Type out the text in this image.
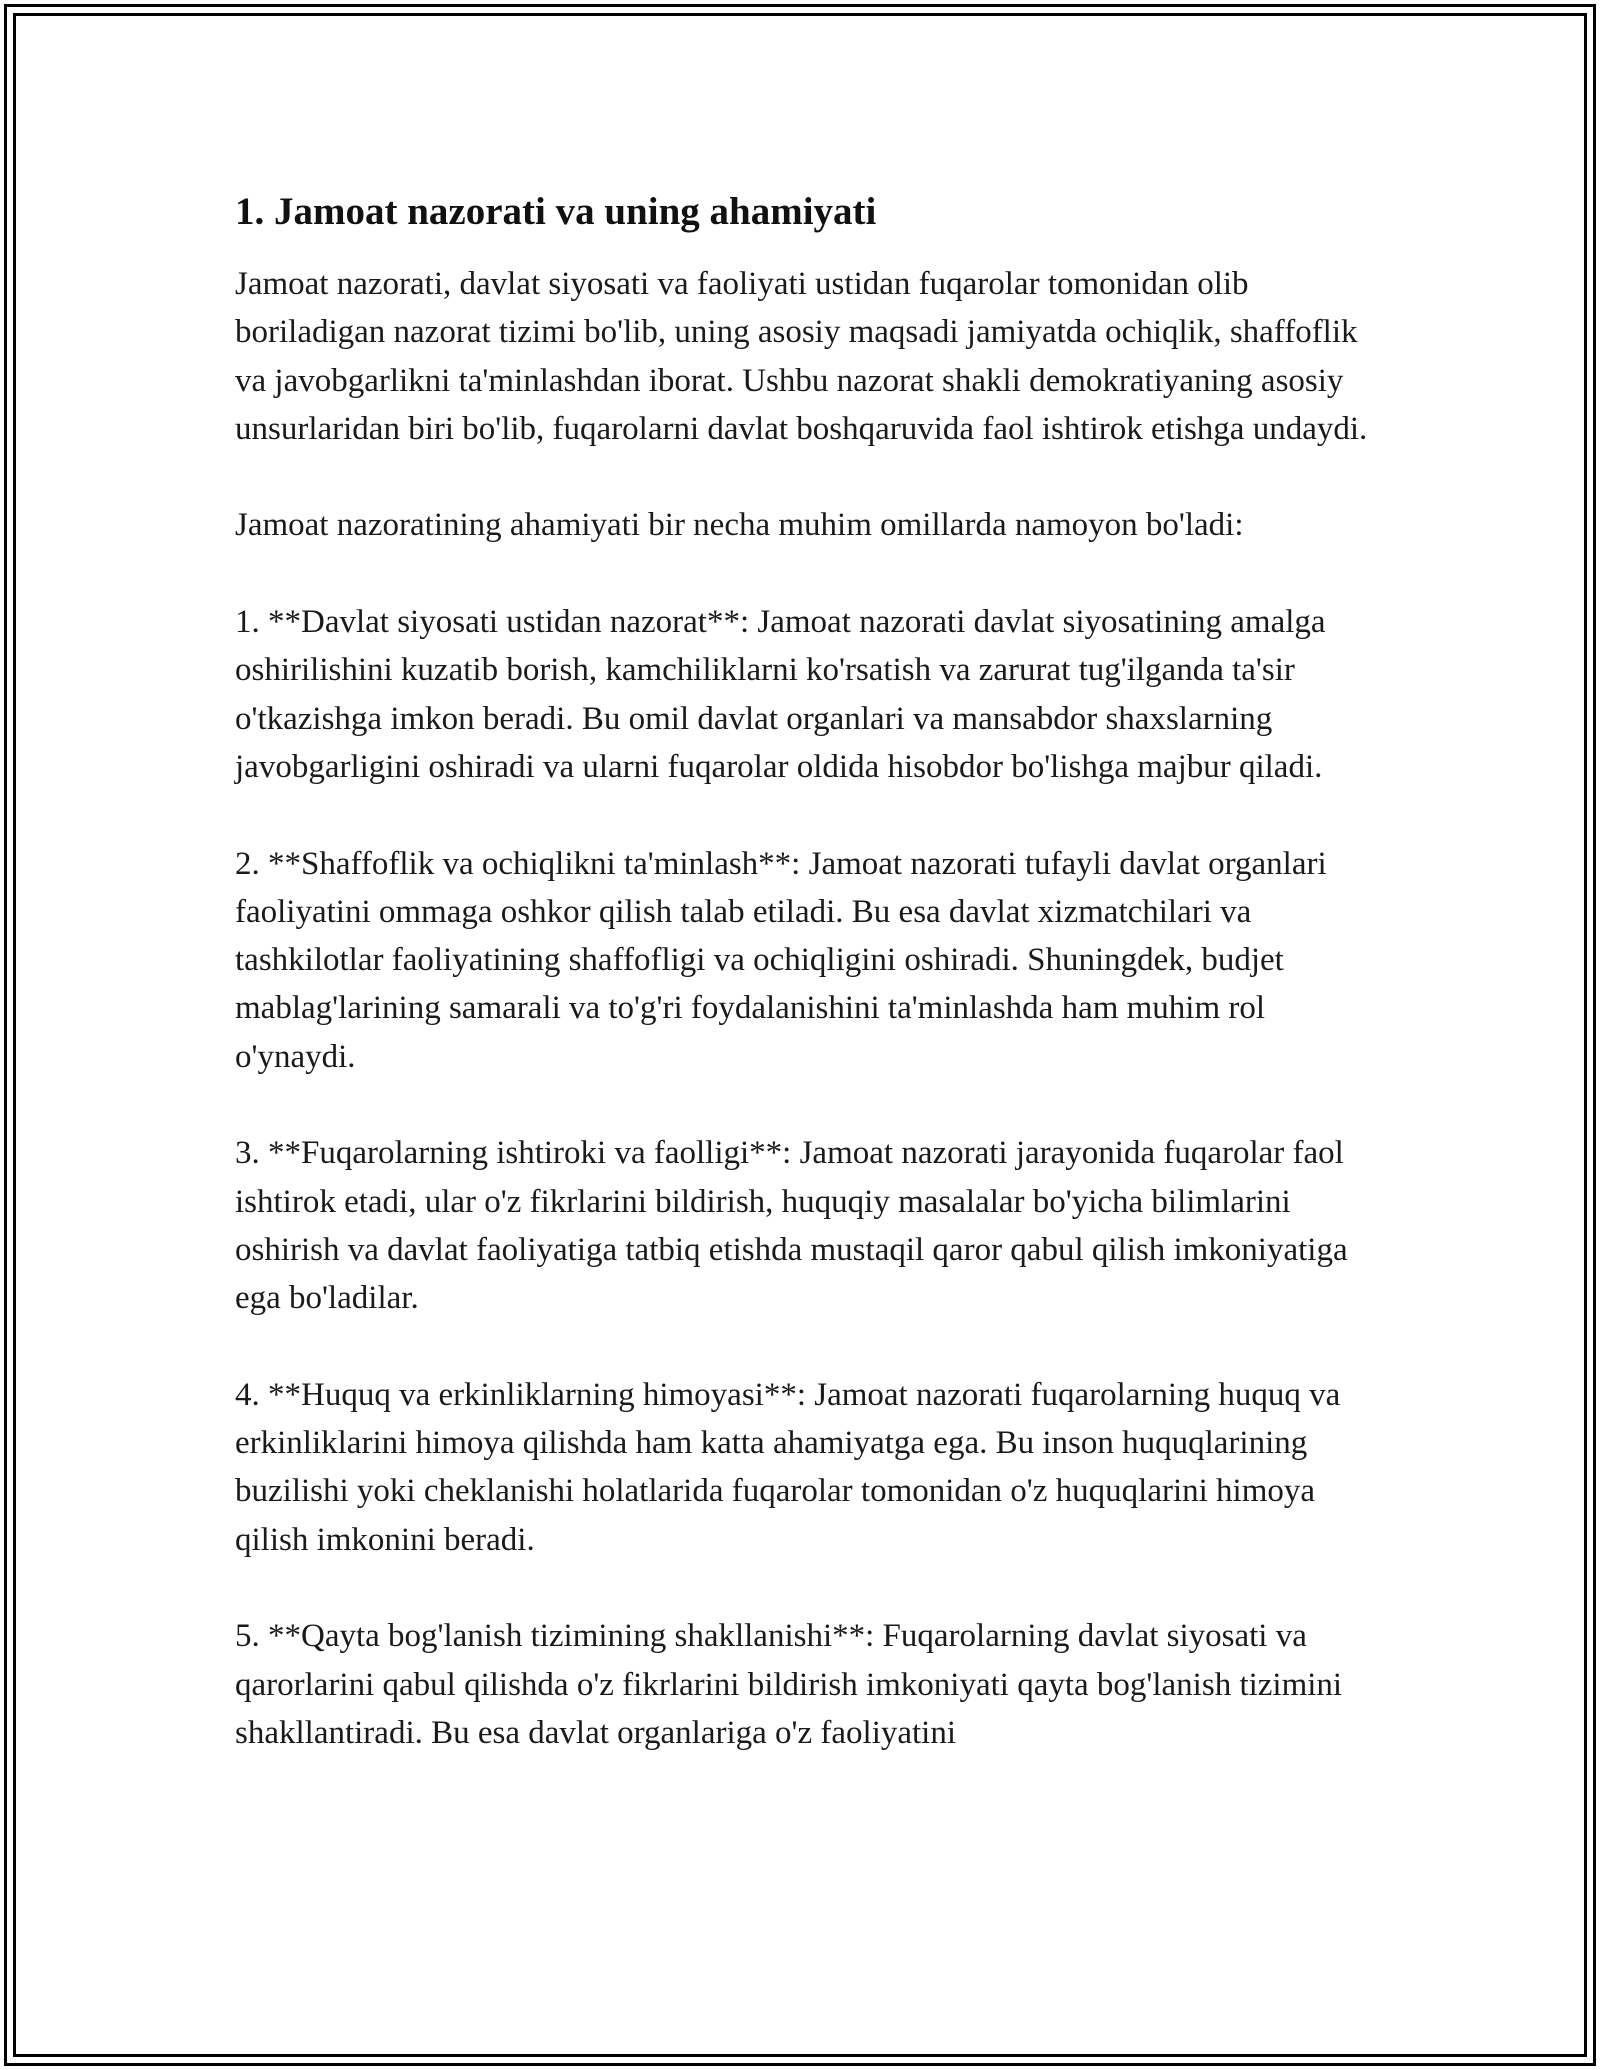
1. Jamoat nazorati va uning ahamiyati

Jamoat nazorati, davlat siyosati va faoliyati ustidan fuqarolar tomonidan olib boriladigan nazorat tizimi bo'lib, uning asosiy maqsadi jamiyatda ochiqlik, shaffoflik va javobgarlikni ta'minlashdan iborat. Ushbu nazorat shakli demokratiyaning asosiy unsurlaridan biri bo'lib, fuqarolarni davlat boshqaruvida faol ishtirok etishga undaydi.

Jamoat nazoratining ahamiyati bir necha muhim omillarda namoyon bo'ladi:

1. **Davlat siyosati ustidan nazorat**: Jamoat nazorati davlat siyosatining amalga oshirilishini kuzatib borish, kamchiliklarni ko'rsatish va zarurat tug'ilganda ta'sir o'tkazishga imkon beradi. Bu omil davlat organlari va mansabdor shaxslarning javobgarligini oshiradi va ularni fuqarolar oldida hisobdor bo'lishga majbur qiladi.

2. **Shaffoflik va ochiqlikni ta'minlash**: Jamoat nazorati tufayli davlat organlari faoliyatini ommaga oshkor qilish talab etiladi. Bu esa davlat xizmatchilari va tashkilotlar faoliyatining shaffofligi va ochiqligini oshiradi. Shuningdek, budjet mablag'larining samarali va to'g'ri foydalanishini ta'minlashda ham muhim rol o'ynaydi.

3. **Fuqarolarning ishtiroki va faolligi**: Jamoat nazorati jarayonida fuqarolar faol ishtirok etadi, ular o'z fikrlarini bildirish, huquqiy masalalar bo'yicha bilimlarini oshirish va davlat faoliyatiga tatbiq etishda mustaqil qaror qabul qilish imkoniyatiga ega bo'ladilar.

4. **Huquq va erkinliklarning himoyasi**: Jamoat nazorati fuqarolarning huquq va erkinliklarini himoya qilishda ham katta ahamiyatga ega. Bu inson huquqlarining buzilishi yoki cheklanishi holatlarida fuqarolar tomonidan o'z huquqlarini himoya qilish imkonini beradi.

5. **Qayta bog'lanish tizimining shakllanishi**: Fuqarolarning davlat siyosati va qarorlarini qabul qilishda o'z fikrlarini bildirish imkoniyati qayta bog'lanish tizimini shakllantiradi. Bu esa davlat organlariga o'z faoliyatini
